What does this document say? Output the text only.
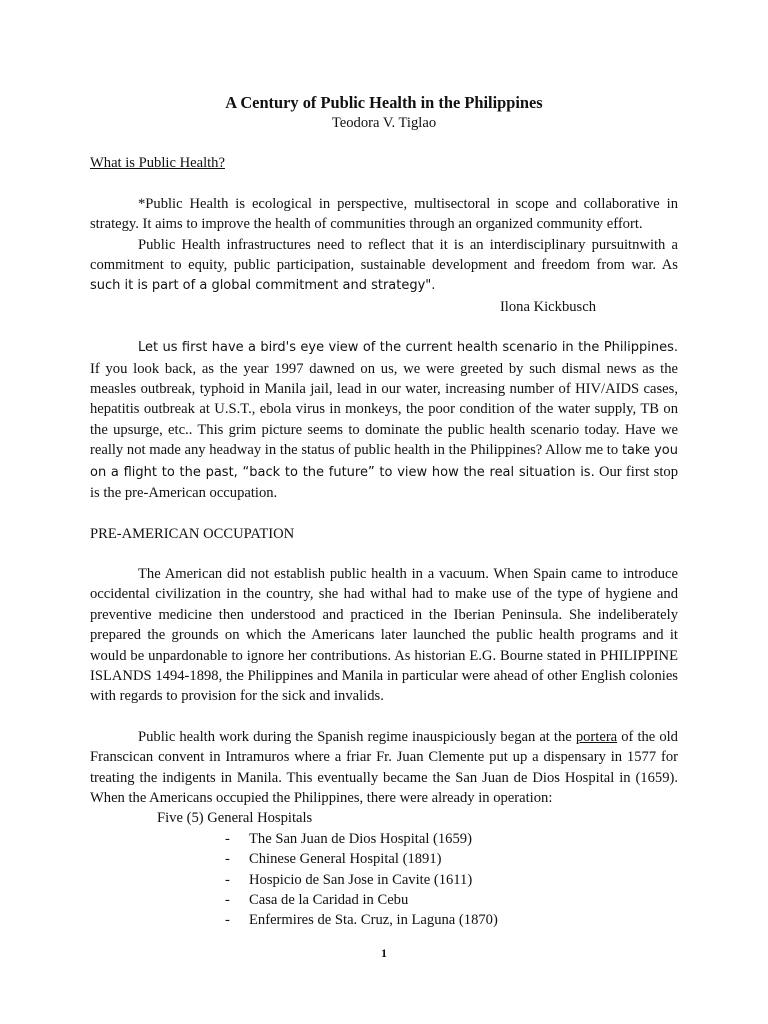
A Century of Public Health in the Philippines
Teodora V. Tiglao
What is Public Health?

*Public Health is ecological in perspective, multisectoral in scope and collaborative in strategy. It aims to improve the health of communities through an organized community effort.

Public Health infrastructures need to reflect that it is an interdisciplinary pursuitnwith a commitment to equity, public participation, sustainable development and freedom from war. As such it is part of a global commitment and strategy".

Ilona Kickbusch

Let us first have a bird's eye view of the current health scenario in the Philippines. If you look back, as the year 1997 dawned on us, we were greeted by such dismal news as the measles outbreak, typhoid in Manila jail, lead in our water, increasing number of HIV/AIDS cases, hepatitis outbreak at U.S.T., ebola virus in monkeys, the poor condition of the water supply, TB on the upsurge, etc.. This grim picture seems to dominate the public health scenario today. Have we really not made any headway in the status of public health in the Philippines? Allow me to take you on a flight to the past, “back to the future” to view how the real situation is. Our first stop is the pre-American occupation.

PRE-AMERICAN OCCUPATION

The American did not establish public health in a vacuum. When Spain came to introduce occidental civilization in the country, she had withal had to make use of the type of hygiene and preventive medicine then understood and practiced in the Iberian Peninsula. She indeliberately prepared the grounds on which the Americans later launched the public health programs and it would be unpardonable to ignore her contributions. As historian E.G. Bourne stated in PHILIPPINE ISLANDS 1494-1898, the Philippines and Manila in particular were ahead of other English colonies with regards to provision for the sick and invalids.

Public health work during the Spanish regime inauspiciously began at the portera of the old Franscican convent in Intramuros where a friar Fr. Juan Clemente put up a dispensary in 1577 for treating the indigents in Manila. This eventually became the San Juan de Dios Hospital in (1659). When the Americans occupied the Philippines, there were already in operation:

Five (5) General Hospitals
- The San Juan de Dios Hospital (1659)
- Chinese General Hospital (1891)
- Hospicio de San Jose in Cavite (1611)
- Casa de la Caridad in Cebu
- Enfermires de Sta. Cruz, in Laguna (1870)
1
